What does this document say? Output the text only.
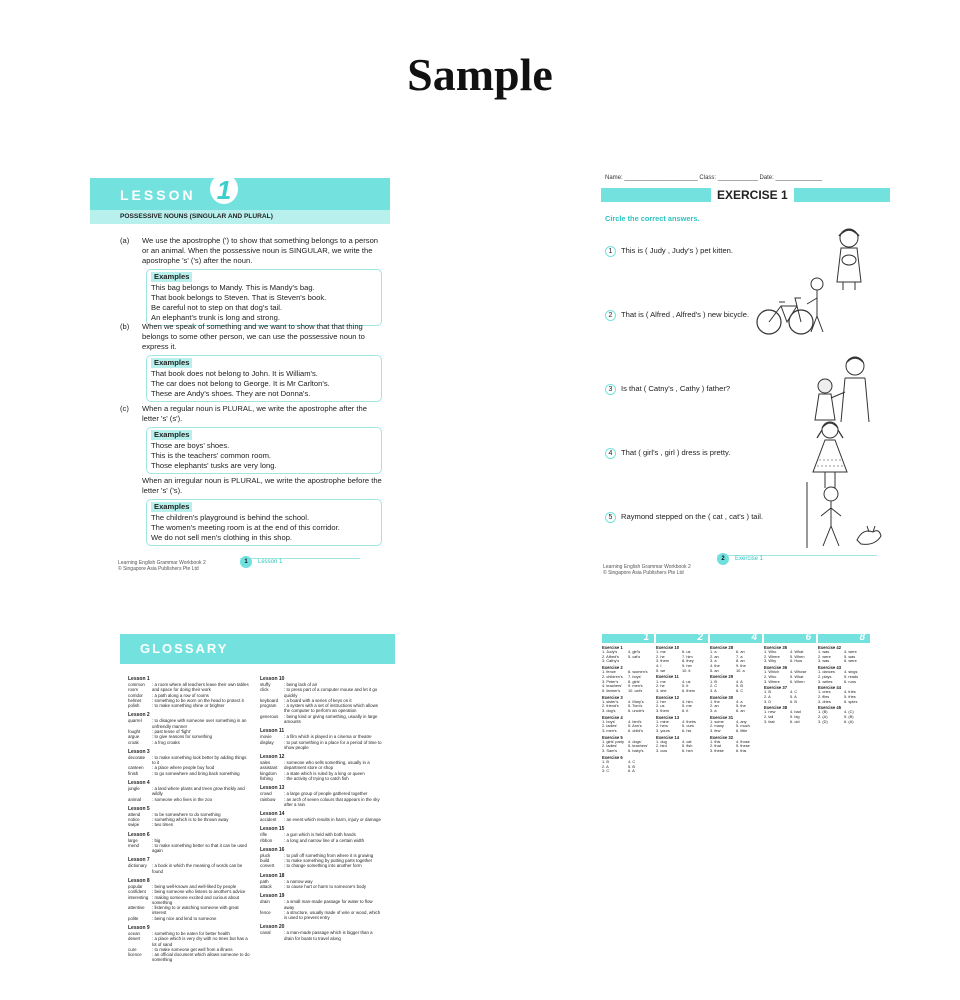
Sample
LESSON 1
POSSESSIVE NOUNS (SINGULAR AND PLURAL)
(a) We use the apostrophe (') to show that something belongs to a person or an animal. When the possessive noun is SINGULAR, we write the apostrophe 's' ('s) after the noun.
Examples
This bag belongs to Mandy. This is Mandy's bag.
That book belongs to Steven. That is Steven's book.
Be careful not to step on that dog's tail.
An elephant's trunk is long and strong.
(b) When we speak of something and we want to show that that thing belongs to some other person, we can use the possessive noun to express it.
Examples
That book does not belong to John. It is William's.
The car does not belong to George. It is Mr Carlton's.
These are Andy's shoes. They are not Donna's.
(c) When a regular noun is PLURAL, we write the apostrophe after the letter 's' (s').
Examples
Those are boys' shoes.
This is the teachers' common room.
Those elephants' tusks are very long.
When an irregular noun is PLURAL, we write the apostrophe before the letter 's' ('s).
Examples
The children's playground is behind the school.
The women's meeting room is at the end of this corridor.
We do not sell men's clothing in this shop.
1 Lesson 1
Learning English Grammar Workbook 2
© Singapore Asia Publishers Pte Ltd
Name: ______________________ Class: ____________ Date: ______________
EXERCISE 1
Circle the correct answers.
1 This is ( Judy , Judy's ) pet kitten.
2 That is ( Alfred , Alfred's ) new bicycle.
3 Is that ( Catny's , Cathy ) father?
4 That ( girl's , girl ) dress is pretty.
5 Raymond stepped on the ( cat , cat's ) tail.
2 Exercise 1
Learning English Grammar Workbook 2
© Singapore Asia Publishers Pte Ltd
GLOSSARY
Lesson 1
common room
: a room where all teachers leave their own tables and space for doing their work
corridor	: a path along a row of rooms
helmet	: something to be worn on the head to protect it
polish	: to make something shine or brighter
Lesson 2
quarrel	: to disagree with someone over something in an unfriendly manner
fought	: past tense of 'fight'
argue	: to give reasons for something
croak	: a frog croaks
Lesson 3
decorate	: to make something look better by adding things to it
canteen	: a place where people buy food
finish	: to go somewhere and bring back something
Lesson 4
jungle	: a land where plants and trees grow thickly and wildly
animal	: someone who lives in the zoo
Lesson 5
attend	: to be somewhere to do something
notice	: something which is to be thrown away
swipe	: two times
Lesson 6
large	: big
mend	: to make something better so that it can be used again
Lesson 7
dictionary	: a book in which the meaning of words can be found
Lesson 8
popular	: being well-known and well-liked by people
confident	: being someone who listens to another's advice
interesting : making someone excited and curious about something
attentive	: listening to or watching someone with great interest
polite	: being nice and kind to someone
Lesson 9
ocean	: something to be eaten for better health
desert	: a place which is very dry with no trees but has a lot of sand
cure	: to make someone get well from a illness
licence	: an official document which allows someone to do something
Lesson 10
stuffy	: being lack of air
click	: to press part of a computer mouse and let it go quickly
keyboard	: a board with a series of keys on it
program	: a system with a set of instructions which allows the computer to perform an operation
generous	: being kind or giving something, usually in large amounts
Lesson 11
movie	: a film which is played in a cinema or theatre
display	: to put something in a place for a period of time to show people
Lesson 12
sales assistant
: someone who sells something, usually in a department store or shop
kingdom	: a state which is ruled by a king or queen
fishing	: the activity of trying to catch fish
Lesson 13
crowd	: a large group of people gathered together
rainbow	: an arch of seven colours that appears in the sky after a rain
Lesson 14
accident	: an event which results in harm, injury or damage
Lesson 15
rifle	: a gun which is held with both hands
ribbon	: a long and narrow line of a certain width
Lesson 16
pluck	: to pull off something from where it is growing
build	: to make something by putting parts together
convert	: to change something into another form
Lesson 18
path	: a narrow way
attack	: to cause hurt or harm to someone's body
Lesson 19
drain	: a small man-made passage for water to flow away
fence	: a structure, usually made of wire or wood, which is used to prevent entry
Lesson 20
canal	: a man-made passage which is bigger than a drain for boats to travel along
1
Exercise 1
1. Judy's	4. girl's
2. Alfred's	5. cat's
3. Cathy's
Exercise 2
1. fence	6. women's
2. children's	7. boys'
3. Peter's	8. girls'
4. teachers'	9. men's
5. farmer's	10. cat's
Exercise 3
1. sister's	4. Mary's
2. friend's	5. Tom's
3. dog's	6. uncle's
Exercise 4
1. boys'	4. bird's
2. ladies'	5. Ann's
3. men's	6. child's
Exercise 5
1. girls' party	4. dogs'
2. ladies'	5. teachers'
3. Sam's	6. baby's
Exercise 6
1. B	4. C
2. A	5. B
3. C	6. A
2
Exercise 10
1. me	6. us
2. he	7. him
3. them	8. they
4. I	9. her
5. we	10. it
Exercise 11
1. me	4. us
2. he	5. it
3. she	6. them
Exercise 12
1. her	4. him
2. us	5. me
3. them	6. it
Exercise 13
1. mine	4. theirs
2. hers	5. ours
3. yours	6. his
Exercise 14
1. dog	4. cat
2. bird	5. fish
3. cow	6. hen
4
Exercise 28
1. a	6. an
2. an	7. a
3. a	8. an
4. the	9. the
5. an	10. a
Exercise 29
1. B	4. A
2. C	5. B
3. A	6. C
Exercise 30
1. the	4. a
2. an	5. the
3. a	6. an
Exercise 31
1. some	4. any
2. many	5. much
3. few	6. little
Exercise 32
1. this	4. those
2. that	5. these
3. these	6. this
6
Exercise 35
1. Who	4. What
2. Where	5. When
3. Why	6. How
Exercise 36
1. Which	4. Whose
2. Who	5. What
3. Where	6. When
Exercise 37
1. B	4. C
2. A	5. A
3. D	6. B
Exercise 38
1. new	4. bad
2. tall	5. big
3. fast	6. old
8
Exercise 42
1. was	4. were
2. were	5. was
3. was	6. were
Exercise 43
1. dances	4. sings
2. plays	5. reads
3. writes	6. runs
Exercise 44
1. cries	4. tries
2. flies	5. fries
3. dries	6. spies
Exercise 45
1. (B)	4. (C)
2. (A)	5. (B)
3. (D)	6. (A)
